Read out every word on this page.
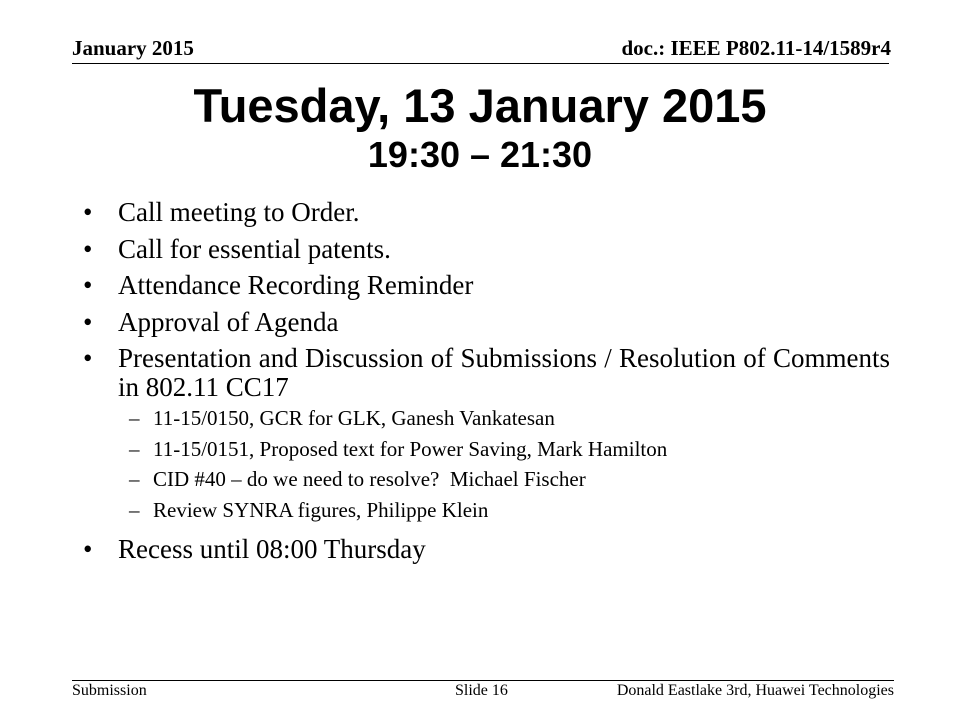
January 2015	doc.: IEEE P802.11-14/1589r4
Tuesday, 13 January 2015
19:30 – 21:30
• Call meeting to Order.
• Call for essential patents.
• Attendance Recording Reminder
• Approval of Agenda
• Presentation and Discussion of Submissions / Resolution of Comments in 802.11 CC17
– 11-15/0150, GCR for GLK, Ganesh Vankatesan
– 11-15/0151, Proposed text for Power Saving, Mark Hamilton
– CID #40 – do we need to resolve?  Michael Fischer
– Review SYNRA figures, Philippe Klein
• Recess until 08:00 Thursday
Submission	Slide 16	Donald Eastlake 3rd, Huawei Technologies
